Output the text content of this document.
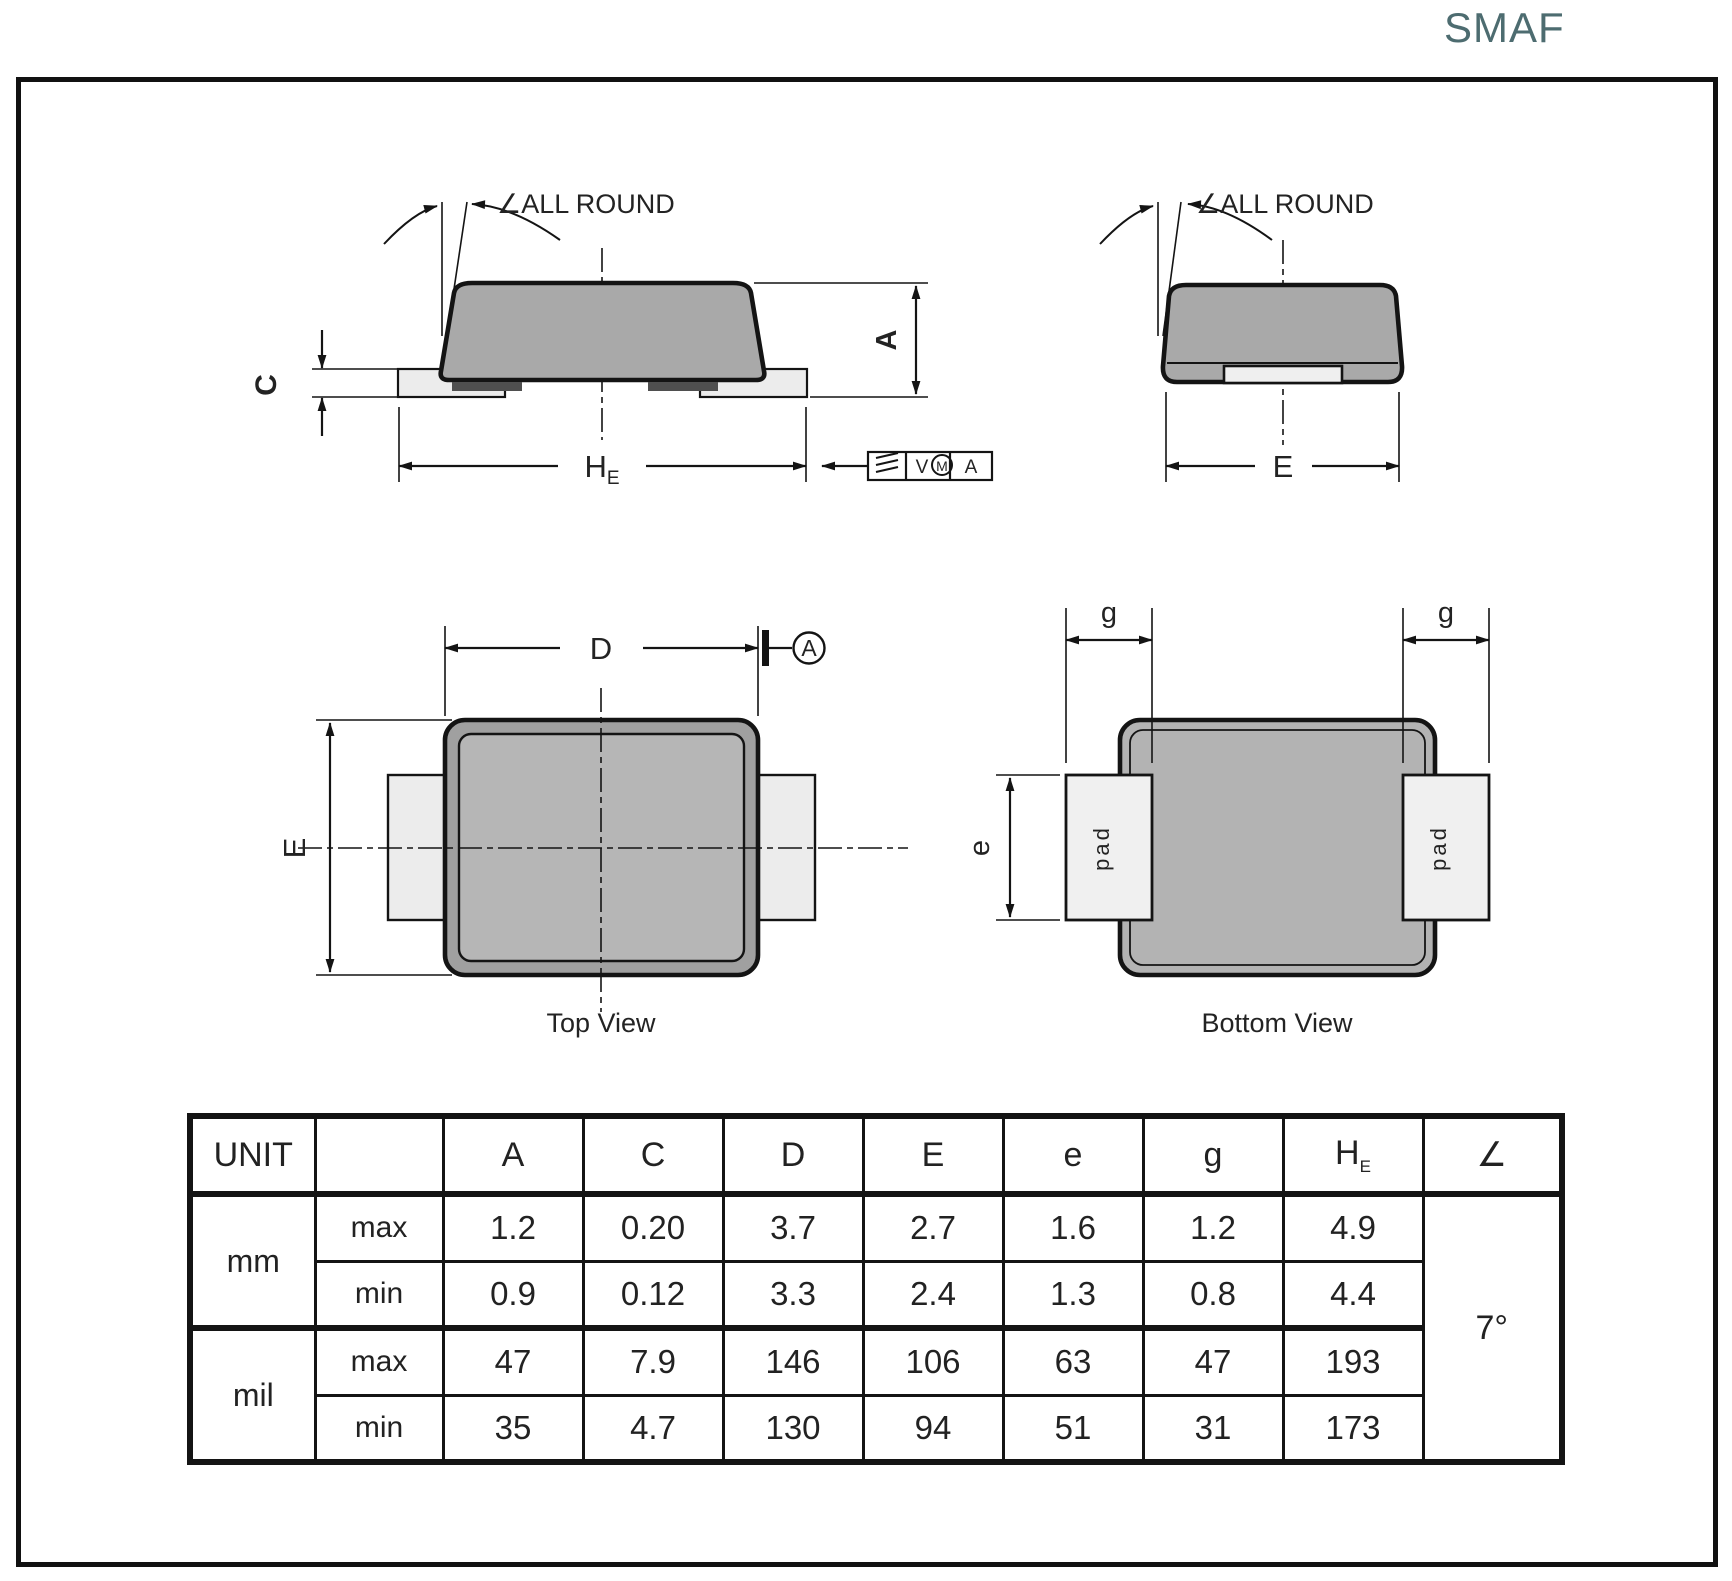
SMAF
∠ALL ROUND
C
A
$H_E$
V M A
∠ALL ROUND
E
D	A
E
Top View
g	g
e	pad	pad
Bottom View
UNIT		A	C	D	E	e	g	$H_E$	∠
mm	max	1.2	0.20	3.7	2.7	1.6	1.2	4.9	7°
	min	0.9	0.12	3.3	2.4	1.3	0.8	4.4	
mil	max	47	7.9	146	106	63	47	193	
	min	35	4.7	130	94	51	31	173	
